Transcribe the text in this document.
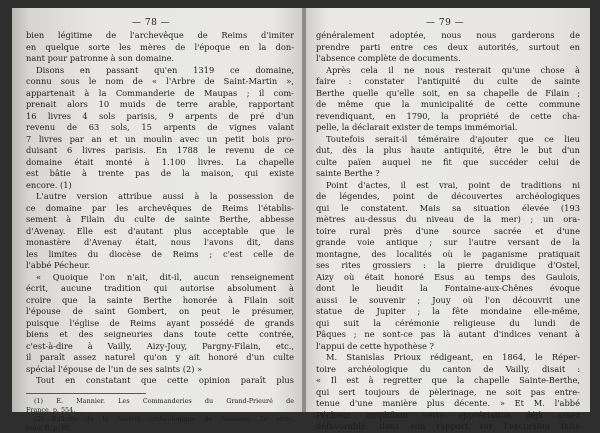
— 78 —
bien légitime de l'archevêque de Reims d'imiter
en quelque sorte les mères de l'époque en la don-
nant pour patronne à son domaine.
Disons en passant qu'en 1319 ce domaine,
connu sous le nom de « l'Arbre de Saint-Martin »,
appartenait à la Commanderie de Maupas ; il com-
prenait alors 10 muids de terre arable, rapportant
16 livres 4 sols parisis, 9 arpents de pré d'un
revenu de 63 sols, 15 arpents de vignes valant
7 livres par an et un moulin avec un petit bois pro-
duisant 6 livres parisis. En 1788 le revenu de ce
domaine était monté à 1.100 livres. La chapelle
est bâtie à trente pas de la maison, qui existe
encore. (1)
L'autre version attribue aussi à la possession de
ce domaine par les archevêques de Reims l'établis-
sement à Filain du culte de sainte Berthe, abbesse
d'Avenay. Elle est d'autant plus acceptable que le
monastère d'Avenay était, nous l'avons dit, dans
les limites du diocèse de Reims ; c'est celle de
l'abbé Pécheur.
« Quoique l'on n'ait, dit-il, aucun renseignement
écrit, aucune tradition qui autorise absolument à
croire que la sainte Berthe honorée à Filain soit
l'épouse de saint Gombert, on peut le présumer,
puisque l'église de Reims ayant possédé de grands
biens et des seigneuries dans toute cette contrée,
c'est-à-dire à Vailly, Aizy-Jouy, Pargny-Filain, etc.,
il paraît assez naturel qu'on y ait honoré d'un culte
spécial l'épouse de l'un de ses saints (2) »
Tout en constatant que cette opinion paraît plus
(1) E. Mannier. Les Commanderies du Grand-Prieuré de
France, p. 554.
(2) Bulletin de la Société archéologique de Soissons, 2e série,
tome II, p. 86.
— 79 —
généralement adoptée, nous nous garderons de
prendre parti entre ces deux autorités, surtout en
l'absence complète de documents.
Après cela il ne nous resterait qu'une chose à
faire : constater l'antiquité du culte de sainte
Berthe quelle qu'elle soit, en sa chapelle de Filain ;
de même que la municipalité de cette commune
revendiquant, en 1790, la propriété de cette cha-
pelle, la déclarait exister de temps immémorial.
Toutefois serait-il téméraire d'ajouter que ce lieu
dut, dès la plus haute antiquité, être le but d'un
culte païen auquel ne fit que succéder celui de
sainte Berthe ?
Point d'actes, il est vrai, point de traditions ni
de légendes, point de découvertes archéologiques
qui le constatent. Mais sa situation élevée (193
mètres au-dessus du niveau de la mer) ; un ora-
toire rural près d'une source sacrée et d'une
grande voie antique ; sur l'autre versant de la
montagne, des localités où le paganisme pratiquait
ses rites grossiers : la pierre druidique d'Ostel,
Aizy où était honoré Esus au temps des Gaulois,
dont le lieudit la Fontaine-aux-Chênes évoque
aussi le souvenir ; Jouy où l'on découvrit une
statue de Jupiter ; la fête mondaine elle-même,
qui suit la cérémonie religieuse du lundi de
Pâques ; ne sont-ce pas là autant d'indices venant à
l'appui de cette hypothèse ?
M. Stanislas Prioux rédigeant, en 1864, le Réper-
toire archéologique du canton de Vailly, disait :
« Il est à regretter que la chapelle Sainte-Berthe,
qui sert toujours de pèlerinage, ne soit pas entre-
tenue d'une manière plus décente. » Et M. l'abbé
Pécheur, amplifiant cette appréciation déjà assez
défavorable, dans son rapport sur l'excursion faite
